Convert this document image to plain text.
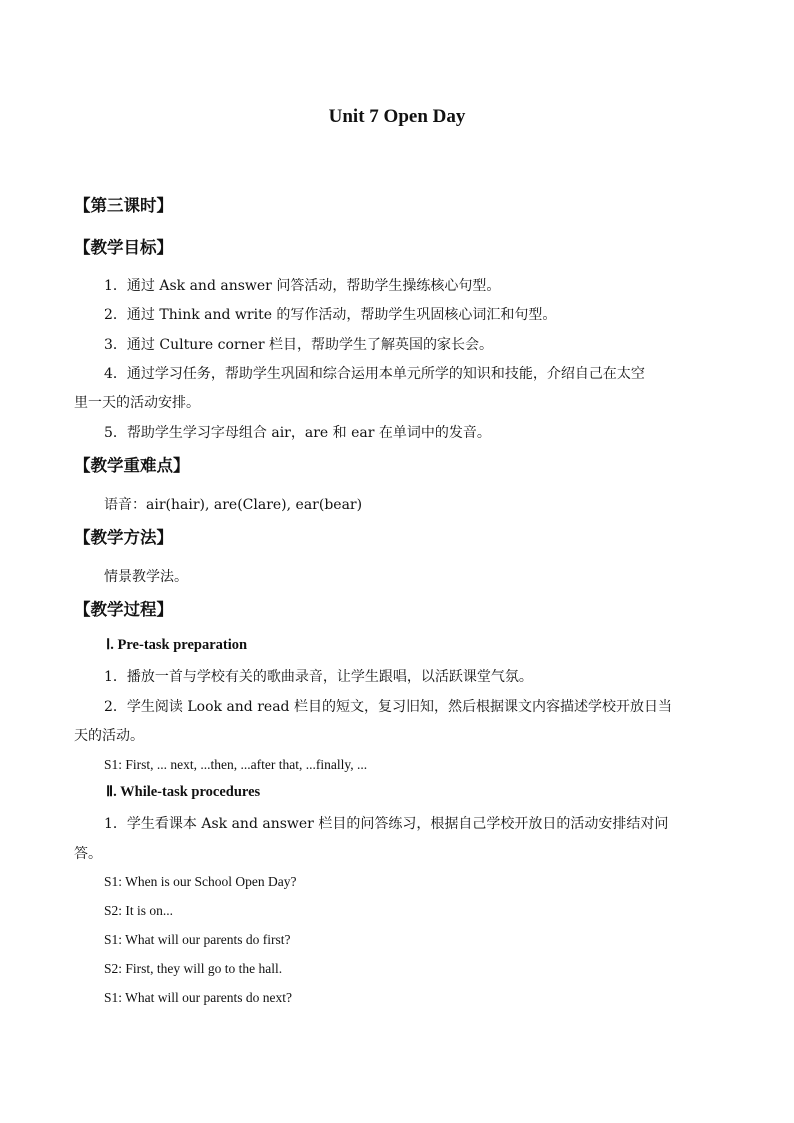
Unit 7 Open Day
【第三课时】
【教学目标】
1．通过 Ask and answer 问答活动，帮助学生操练核心句型。
2．通过 Think and write 的写作活动，帮助学生巩固核心词汇和句型。
3．通过 Culture corner 栏目，帮助学生了解英国的家长会。
4．通过学习任务，帮助学生巩固和综合运用本单元所学的知识和技能，介绍自己在太空
里一天的活动安排。
5．帮助学生学习字母组合 air，are 和 ear 在单词中的发音。
【教学重难点】
语音：air(hair), are(Clare), ear(bear)
【教学方法】
情景教学法。
【教学过程】
Ⅰ. Pre-task preparation
1．播放一首与学校有关的歌曲录音，让学生跟唱，以活跃课堂气氛。
2．学生阅读 Look and read 栏目的短文，复习旧知，然后根据课文内容描述学校开放日当
天的活动。
S1: First, ... next, ...then, ...after that, ...finally, ...
Ⅱ. While-task procedures
1．学生看课本 Ask and answer 栏目的问答练习，根据自己学校开放日的活动安排结对问
答。
S1: When is our School Open Day?
S2: It is on...
S1: What will our parents do first?
S2: First, they will go to the hall.
S1: What will our parents do next?
